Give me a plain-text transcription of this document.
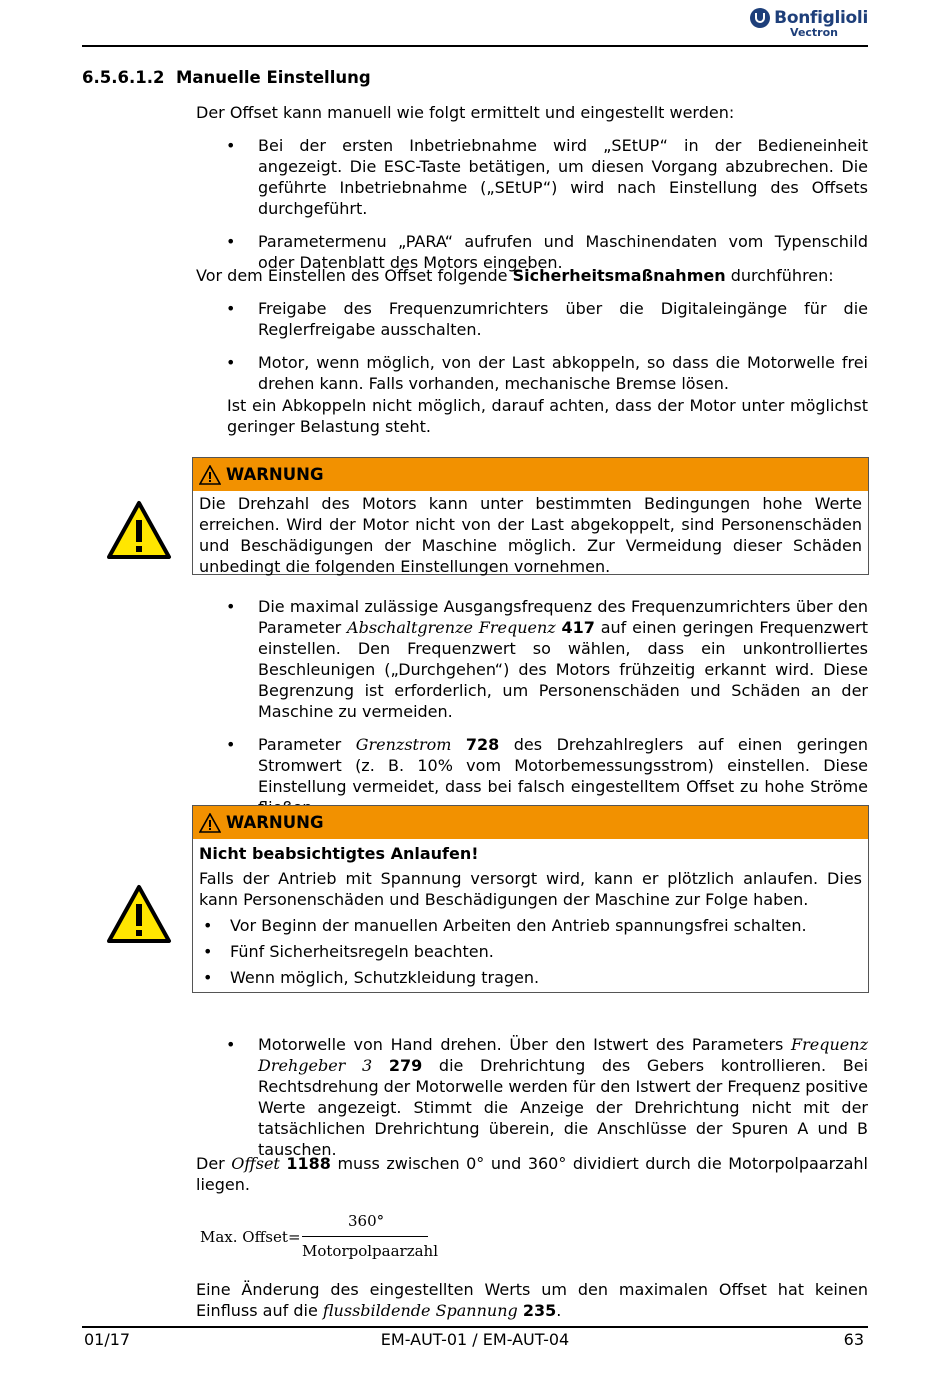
Bonfiglioli
Vectron
6.5.6.1.2 Manuelle Einstellung

Der Offset kann manuell wie folgt ermittelt und eingestellt werden:

• Bei der ersten Inbetriebnahme wird „SEtUP“ in der Bedieneinheit angezeigt. Die ESC-Taste betätigen, um diesen Vorgang abzubrechen. Die geführte Inbetriebnahme („SEtUP“) wird nach Einstellung des Offsets durchgeführt.
• Parametermenu „PARA“ aufrufen und Maschinendaten vom Typenschild oder Datenblatt des Motors eingeben.

Vor dem Einstellen des Offset folgende Sicherheitsmaßnahmen durchführen:

• Freigabe des Frequenzumrichters über die Digitaleingänge für die Reglerfreigabe ausschalten.
• Motor, wenn möglich, von der Last abkoppeln, so dass die Motorwelle frei drehen kann. Falls vorhanden, mechanische Bremse lösen.

Ist ein Abkoppeln nicht möglich, darauf achten, dass der Motor unter möglichst geringer Belastung steht.

WARNUNG
Die Drehzahl des Motors kann unter bestimmten Bedingungen hohe Werte erreichen. Wird der Motor nicht von der Last abgekoppelt, sind Personenschäden und Beschädigungen der Maschine möglich. Zur Vermeidung dieser Schäden unbedingt die folgenden Einstellungen vornehmen.
• Die maximal zulässige Ausgangsfrequenz des Frequenzumrichters über den Parameter Abschaltgrenze Frequenz 417 auf einen geringen Frequenzwert einstellen. Den Frequenzwert so wählen, dass ein unkontrolliertes Beschleunigen („Durchgehen“) des Motors frühzeitig erkannt wird. Diese Begrenzung ist erforderlich, um Personenschäden und Schäden an der Maschine zu vermeiden.
• Parameter Grenzstrom 728 des Drehzahlreglers auf einen geringen Stromwert (z. B. 10% vom Motorbemessungsstrom) einstellen. Diese Einstellung vermeidet, dass bei falsch eingestelltem Offset zu hohe Ströme
WARNUNG
Nicht beabsichtigtes Anlaufen!
Falls der Antrieb mit Spannung versorgt wird, kann er plötzlich anlaufen. Dies kann Personenschäden und Beschädigungen der Maschine zur Folge haben.
• Vor Beginn der manuellen Arbeiten den Antrieb spannungsfrei schalten.
• Fünf Sicherheitsregeln beachten.
• Wenn möglich, Schutzkleidung tragen.
• Motorwelle von Hand drehen. Über den Istwert des Parameters Frequenz Drehgeber 3 279 die Drehrichtung des Gebers kontrollieren. Bei Rechtsdrehung der Motorwelle werden für den Istwert der Frequenz positive Werte angezeigt. Stimmt die Anzeige der Drehrichtung nicht mit der tatsächlichen Drehrichtung überein, die Anschlüsse der Spuren A und B tauschen.

Der Offset 1188 muss zwischen 0° und 360° dividiert durch die Motorpolpaarzahl liegen.

Max. Offset =
360°
Motorpolpaarzahl

Eine Änderung des eingestellten Werts um den maximalen Offset hat keinen Einfluss auf die flussbildende Spannung 235.

01/17	EM-AUT-01 / EM-AUT-04	63
